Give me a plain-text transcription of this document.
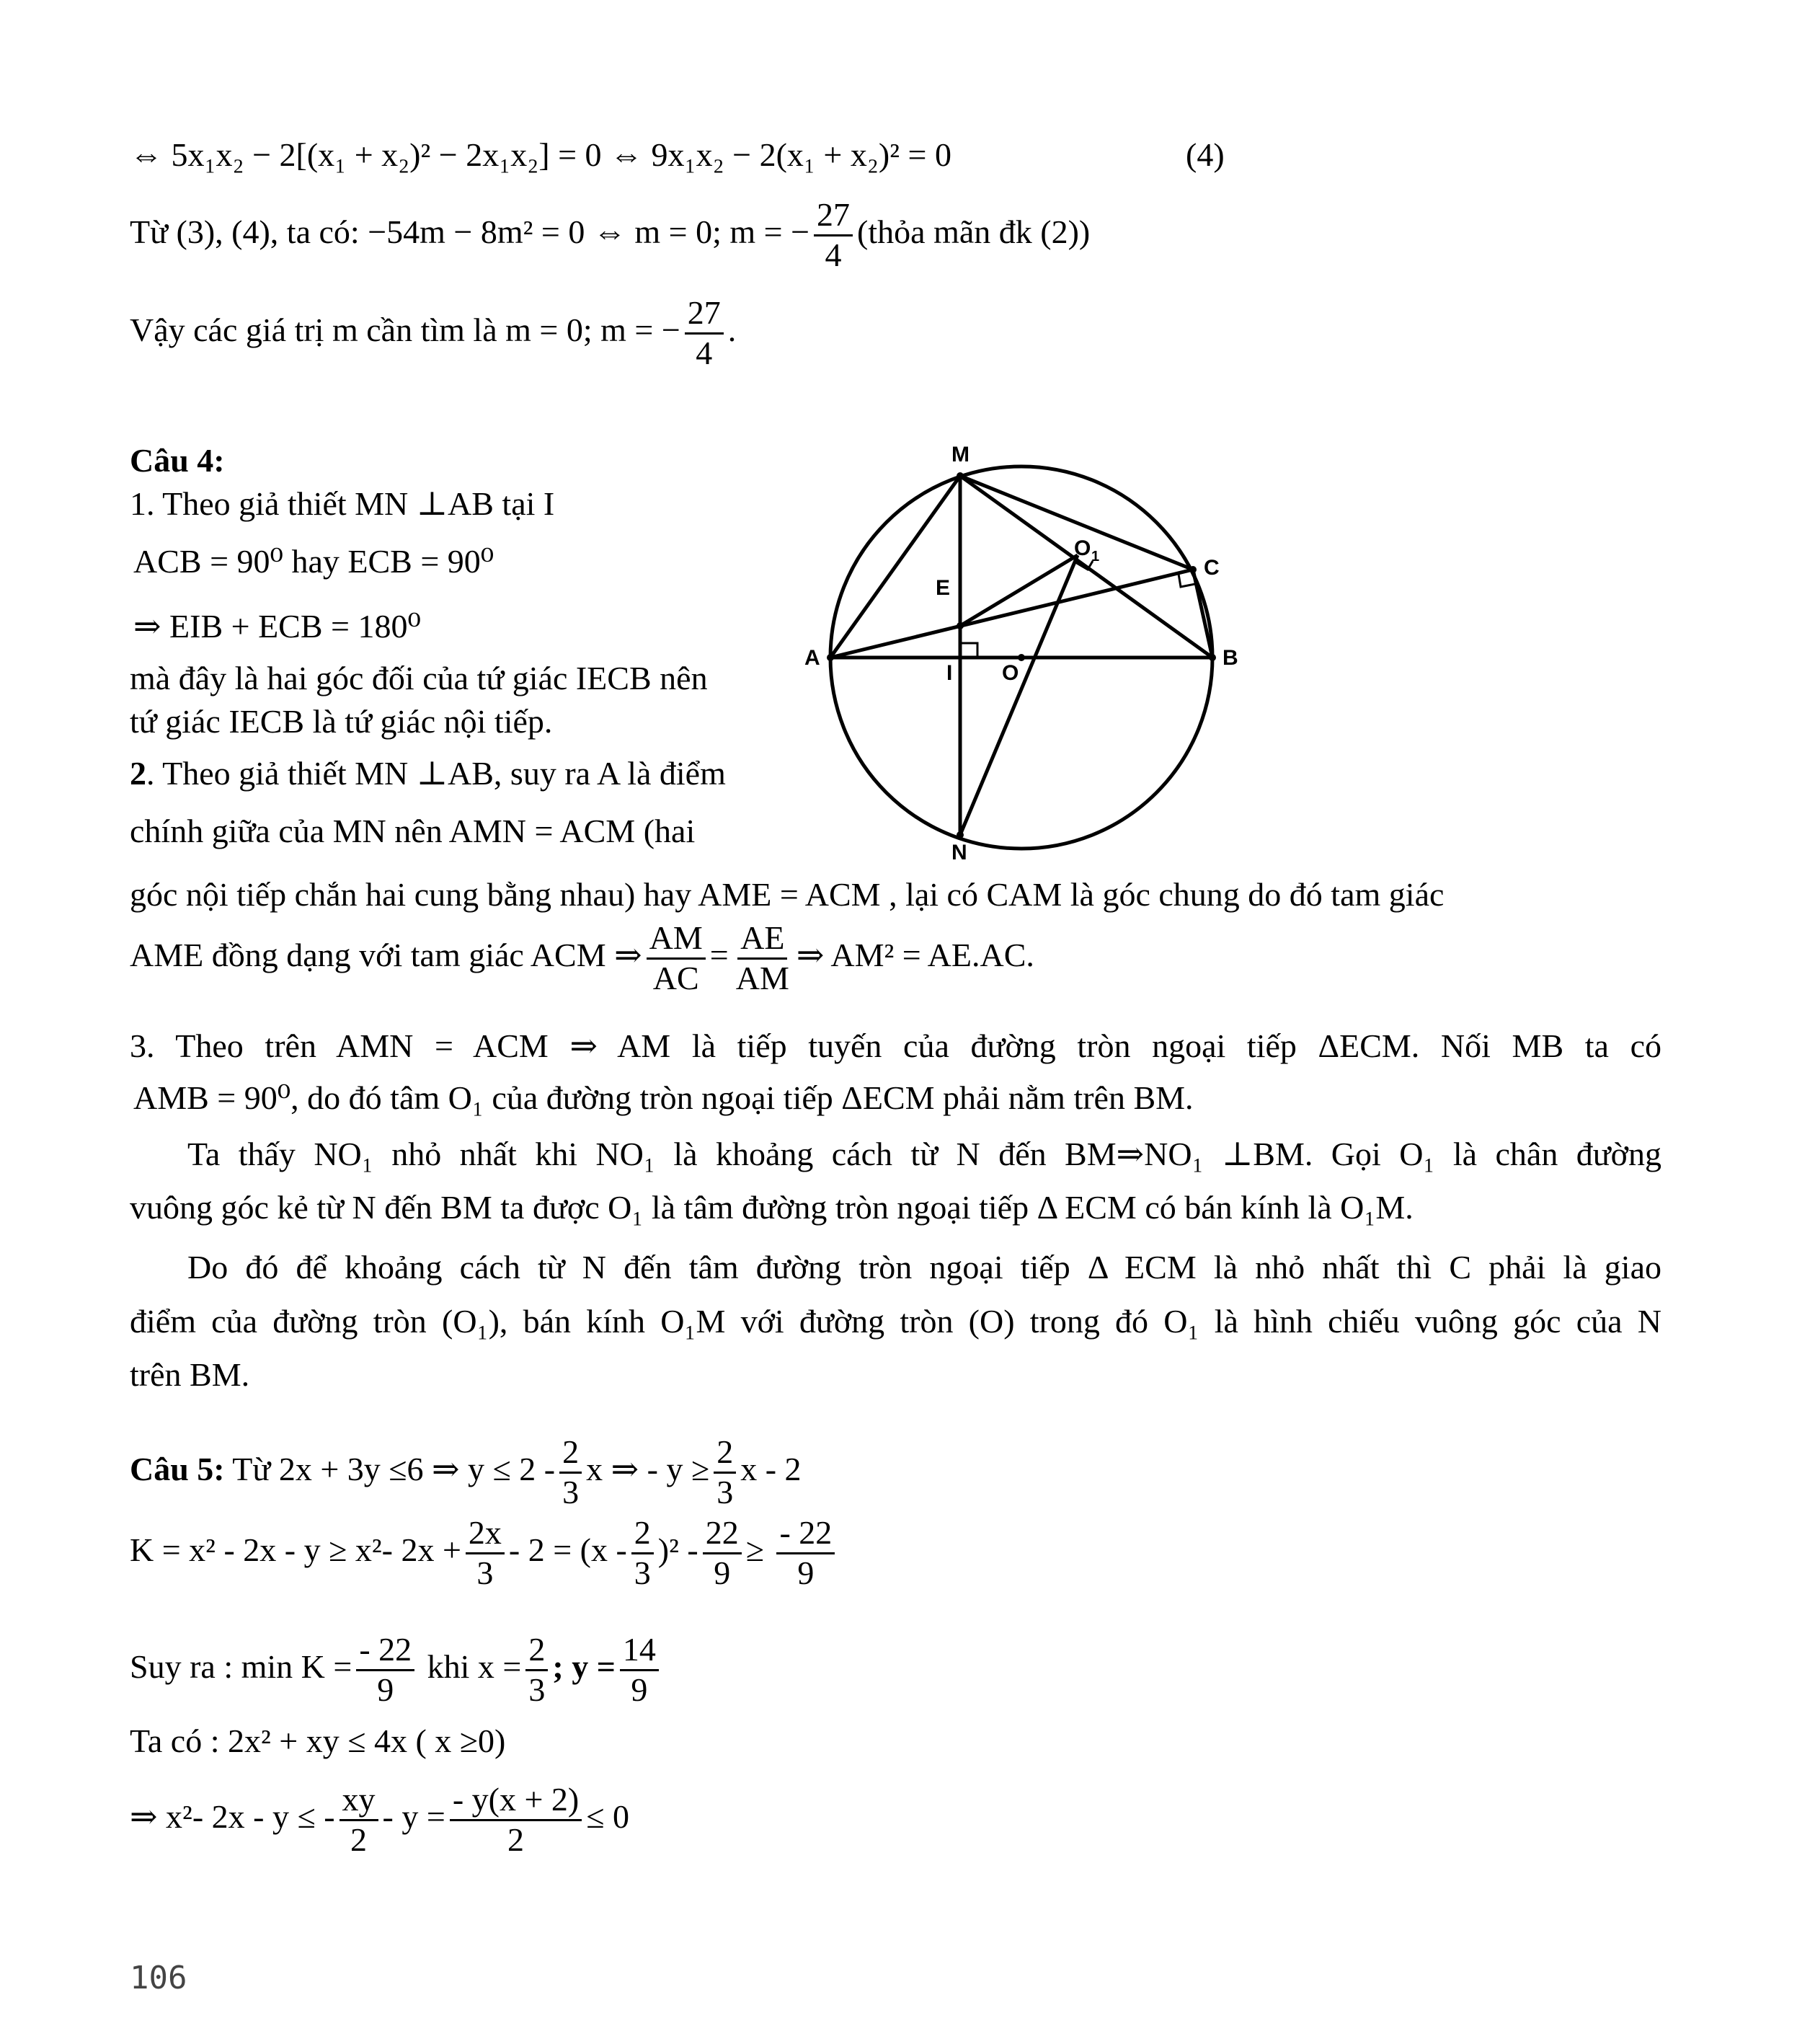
⇔ 5x₁x₂ − 2[(x₁ + x₂)² − 2x₁x₂] = 0 ⇔ 9x₁x₂ − 2(x₁ + x₂)² = 0	(4)
Từ (3), (4), ta có: −54m − 8m² = 0 ⇔ m = 0; m = − $\frac{27}{4}$ (thỏa mãn đk (2))
Vậy các giá trị m cần tìm là m = 0; m = − $\frac{27}{4}$ .
Câu 4:
1. Theo giả thiết MN ⊥AB tại I
ACB = 90⁰ hay ECB = 90⁰
⇒ EIB + ECB = 180⁰
mà đây là hai góc đối của tứ giác IECB nên
tứ giác IECB là tứ giác nội tiếp.
2. Theo giả thiết MN ⊥AB, suy ra A là điểm
chính giữa của MN nên AMN = ACM (hai
góc nội tiếp chắn hai cung bằng nhau) hay AME = ACM , lại có CAM là góc chung do đó tam giác
AME đồng dạng với tam giác ACM ⇒ $\frac{AM}{AC} = \frac{AE}{AM}$ ⇒ AM² = AE.AC.
3. Theo trên AMN = ACM ⇒ AM là tiếp tuyến của đường tròn ngoại tiếp ΔECM. Nối MB ta có
AMB = 90⁰, do đó tâm O₁ của đường tròn ngoại tiếp ΔECM phải nằm trên BM.
Ta thấy NO₁ nhỏ nhất khi NO₁ là khoảng cách từ N đến BM⇒NO₁ ⊥BM. Gọi O₁ là chân đường
vuông góc kẻ từ N đến BM ta được O₁ là tâm đường tròn ngoại tiếp Δ ECM có bán kính là O₁M.
Do đó để khoảng cách từ N đến tâm đường tròn ngoại tiếp Δ ECM là nhỏ nhất thì C phải là giao
điểm của đường tròn (O₁), bán kính O₁M với đường tròn (O) trong đó O₁ là hình chiếu vuông góc của N
trên BM.
M
C
E
A	B
I O
N
O 1
Câu 5: Từ 2x + 3y ≤6 ⇒ $y \le 2 - \frac{2}{3}$ x ⇒ - $y \ge \frac{2}{3}$ x - 2
K = x² - 2x - y ≥ x²- $2x + \frac{2x}{3} - 2 = (x - \frac{2}{3} )^2 - \frac{22}{9} \ge \frac{- 22}{9}$
Suy ra : $\min K = \frac{- 22}{9}$ khi $x = \frac{2}{3}$ ; $y = \frac{14}{9}$
Ta có : 2x² + xy ≤ 4x ( x ≥0)
⇒ x²- 2x - y ≤ - $\frac{xy}{2} - y = \frac{- y(x + 2)}{2} \le 0$
106
